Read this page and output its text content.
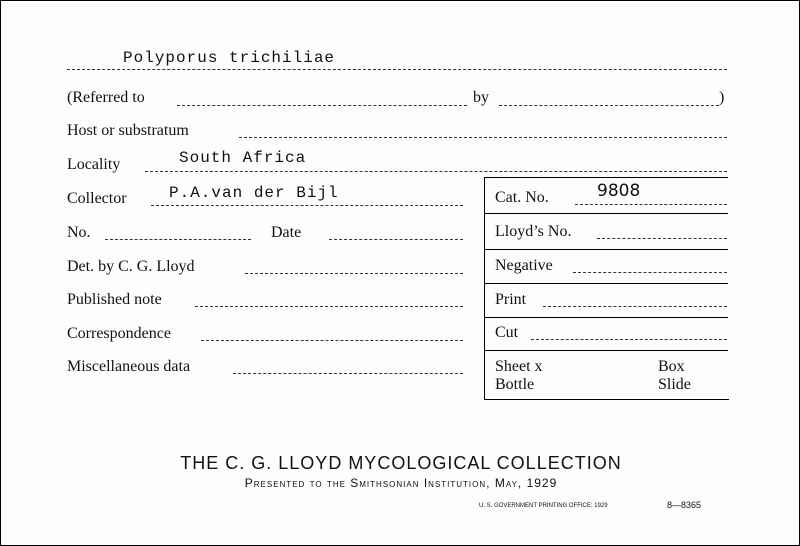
Polyporus trichiliae
(Referred to	by	)
Host or substratum
Locality	South Africa
Collector	P.A.van der Bijl
No.	Date
Det. by C. G. Lloyd
Published note
Correspondence
Miscellaneous data
Cat. No.	9808
Lloyd’s No.
Negative
Print
Cut
Sheet x	Box
Bottle	Slide
THE C. G. LLOYD MYCOLOGICAL COLLECTION
Presented to the Smithsonian Institution, May, 1929
U. S. GOVERNMENT PRINTING OFFICE: 1929	8—8365
